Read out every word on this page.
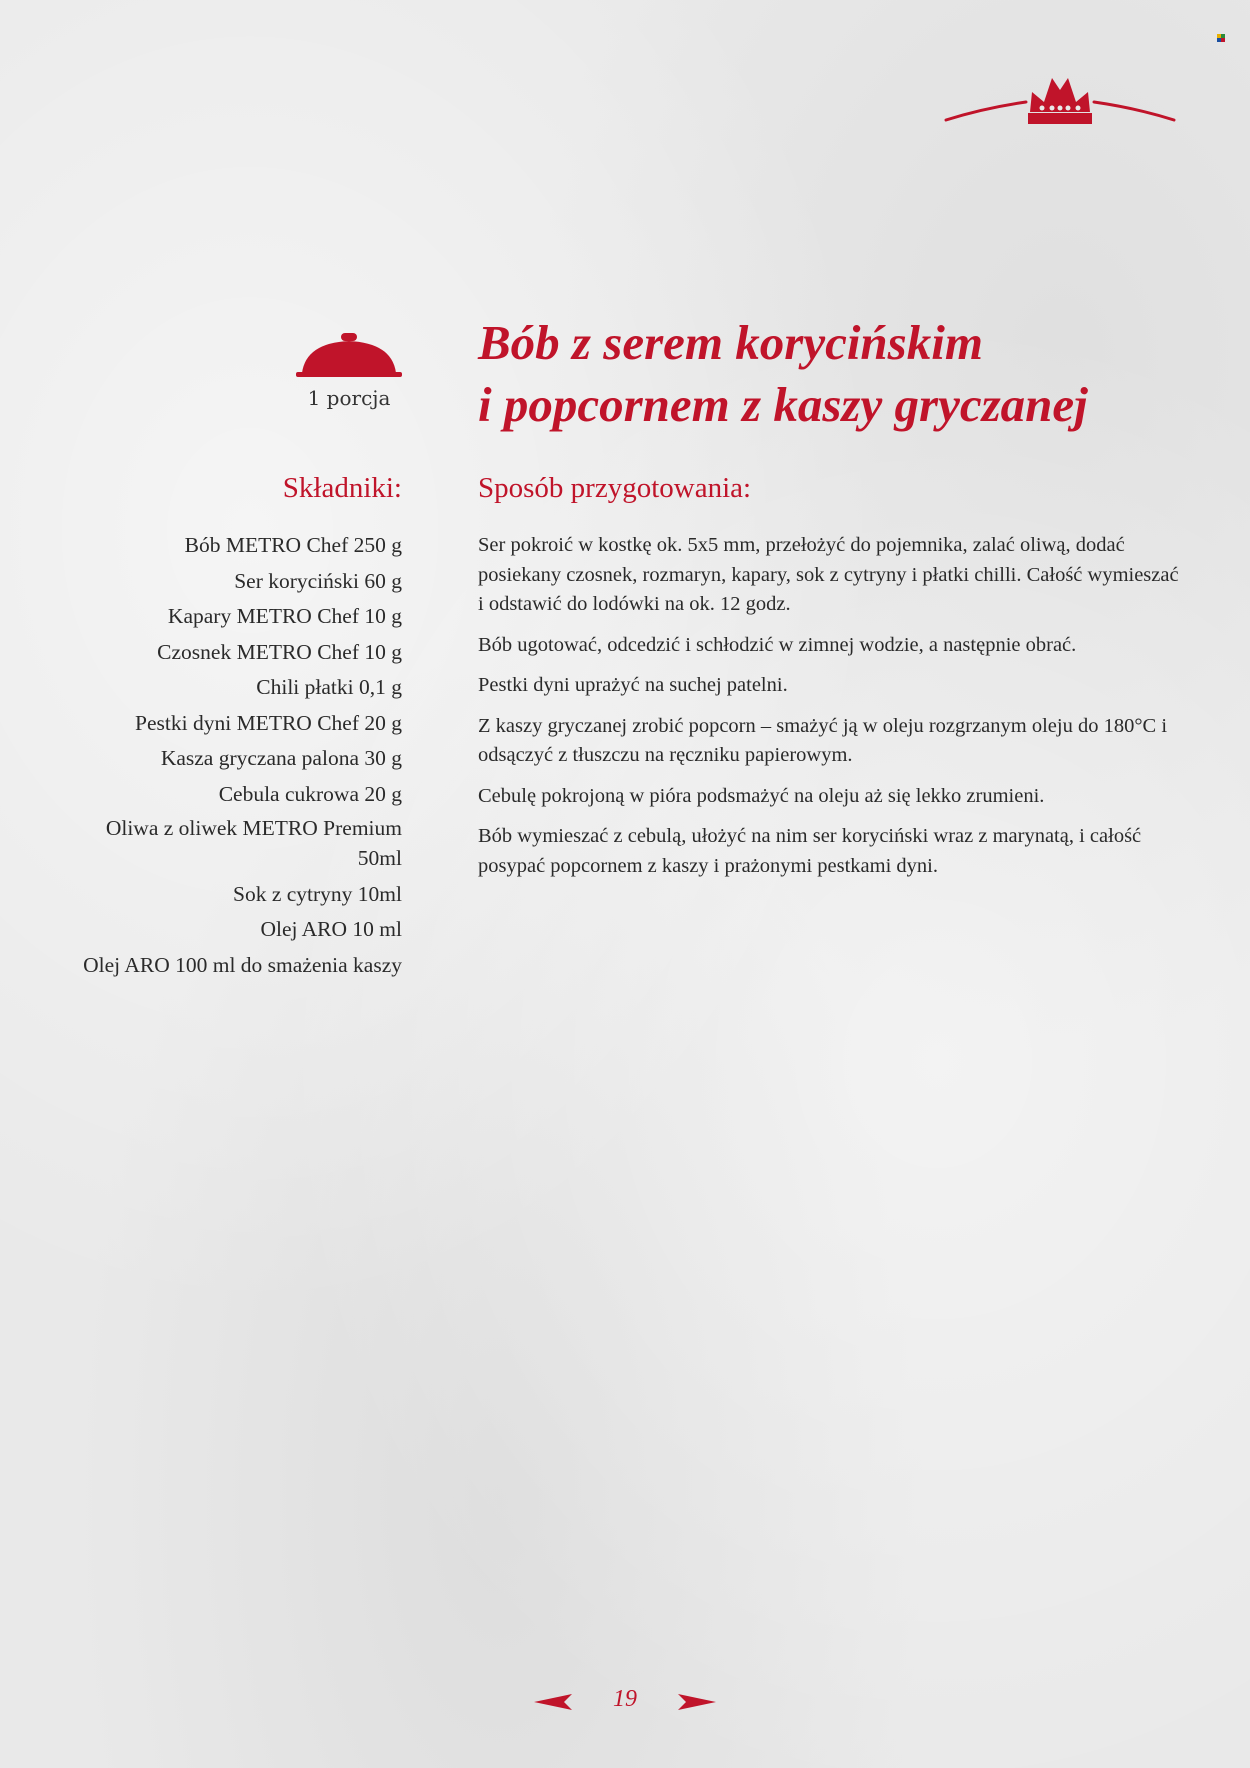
1 porcja
Bób z serem korycińskim
i popcornem z kaszy gryczanej
Składniki:
Bób METRO Chef 250 g
Ser koryciński 60 g
Kapary METRO Chef 10 g
Czosnek METRO Chef 10 g
Chili płatki 0,1 g
Pestki dyni METRO Chef 20 g
Kasza gryczana palona 30 g
Cebula cukrowa 20 g
Oliwa z oliwek METRO Premium 50ml
Sok z cytryny 10ml
Olej ARO 10 ml
Olej ARO 100 ml do smażenia kaszy
Sposób przygotowania:

Ser pokroić w kostkę ok. 5x5 mm, przełożyć do pojemnika, zalać oliwą, dodać posiekany czosnek, rozmaryn, kapary, sok z cytryny i płatki chilli. Całość wymieszać i odstawić do lodówki na ok. 12 godz.

Bób ugotować, odcedzić i schłodzić w zimnej wodzie, a następnie obrać.

Pestki dyni uprażyć na suchej patelni.

Z kaszy gryczanej zrobić popcorn – smażyć ją w oleju rozgrzanym oleju do 180°C i odsączyć z tłuszczu na ręczniku papierowym.

Cebulę pokrojoną w pióra podsmażyć na oleju aż się lekko zrumieni.

Bób wymieszać z cebulą, ułożyć na nim ser koryciński wraz z marynatą, i całość posypać popcornem z kaszy i prażonymi pestkami dyni.

19
